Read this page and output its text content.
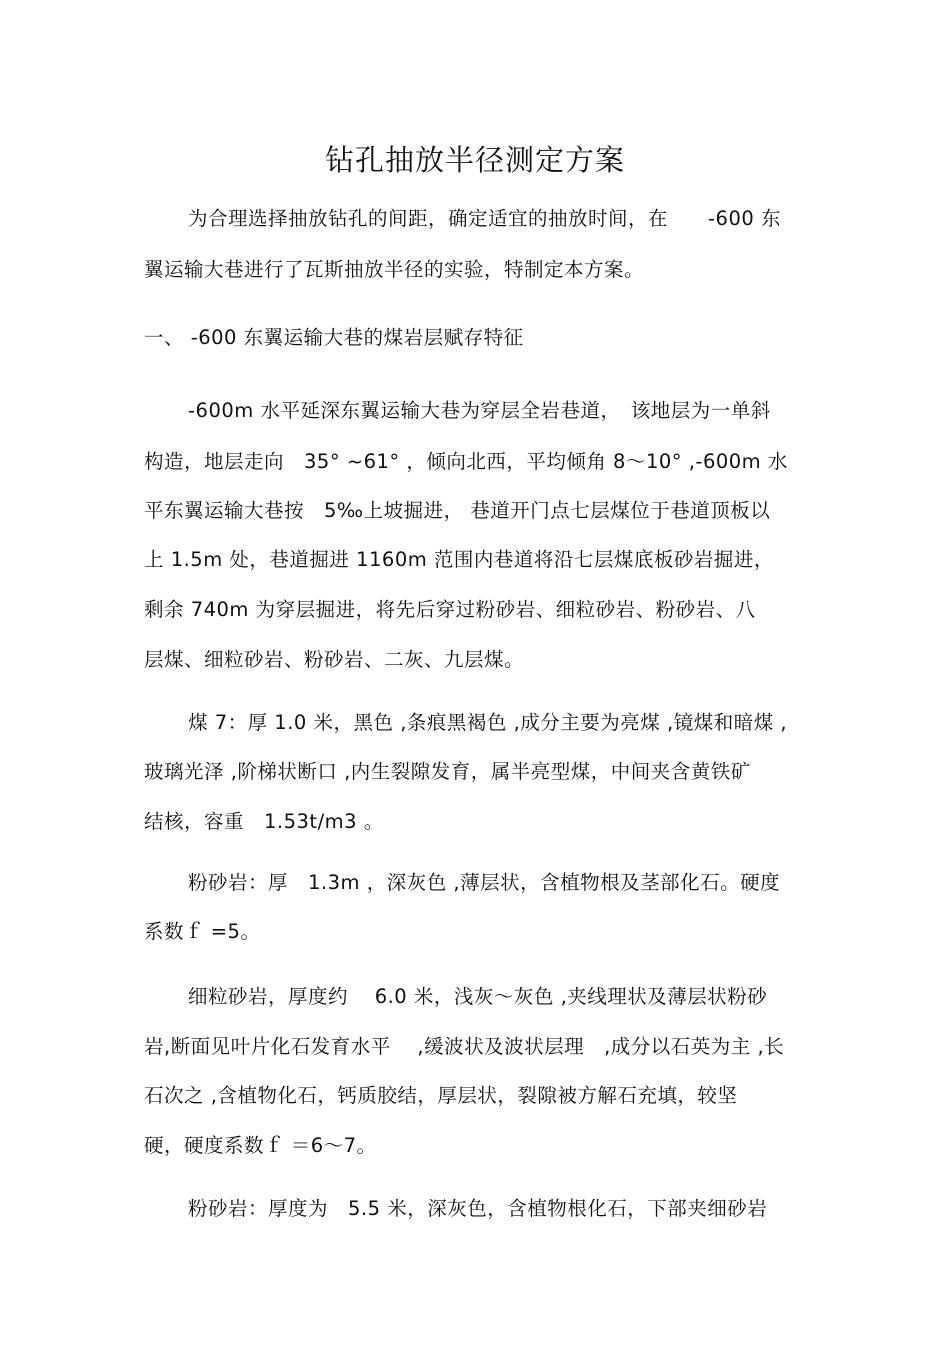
钻孔抽放半径测定方案
为合理选择抽放钻孔的间距，确定适宜的抽放时间，在　　-600 东
翼运输大巷进行了瓦斯抽放半径的实验，特制定本方案。
一、 -600 东翼运输大巷的煤岩层赋存特征
-600m 水平延深东翼运输大巷为穿层全岩巷道，　该地层为一单斜
构造，地层走向　35° ~61° ，倾向北西，平均倾角 8～10° ,-600m 水
平东翼运输大巷按　5‰上坡掘进， 巷道开门点七层煤位于巷道顶板以
上 1.5m 处，巷道掘进 1160m 范围内巷道将沿七层煤底板砂岩掘进，
剩余 740m 为穿层掘进，将先后穿过粉砂岩、细粒砂岩、粉砂岩、八
层煤、细粒砂岩、粉砂岩、二灰、九层煤。
煤 7：厚 1.0 米，黑色 ,条痕黑褐色 ,成分主要为亮煤 ,镜煤和暗煤 ,
玻璃光泽 ,阶梯状断口 ,内生裂隙发育，属半亮型煤，中间夹含黄铁矿
结核，容重　1.53t/m3 。
粉砂岩：厚　1.3m ，深灰色 ,薄层状，含植物根及茎部化石。硬度
系数ｆ =5。
细粒砂岩，厚度约　 6.0 米，浅灰～灰色 ,夹线理状及薄层状粉砂
岩,断面见叶片化石发育水平　 ,缓波状及波状层理　,成分以石英为主 ,长
石次之 ,含植物化石，钙质胶结，厚层状，裂隙被方解石充填，较坚
硬，硬度系数ｆ ＝6～7。
粉砂岩：厚度为　5.5 米，深灰色，含植物根化石，下部夹细砂岩
